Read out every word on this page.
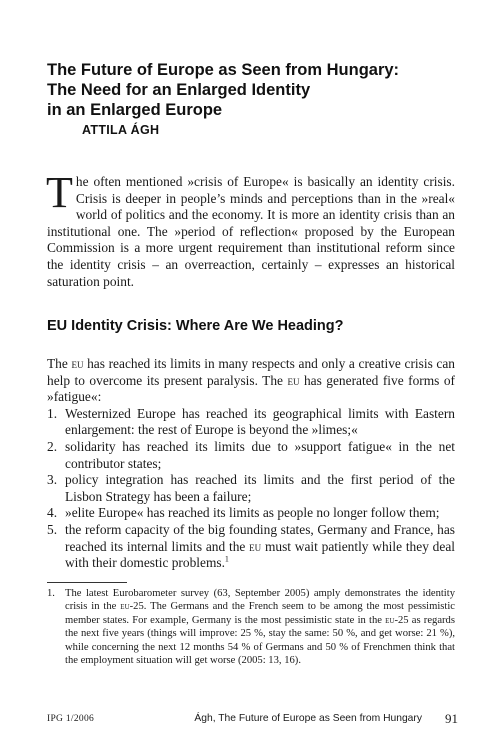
The Future of Europe as Seen from Hungary:
The Need for an Enlarged Identity
in an Enlarged Europe
ATTILA ÁGH
The often mentioned »crisis of Europe« is basically an identity crisis. Crisis is deeper in people’s minds and perceptions than in the »real« world of politics and the economy. It is more an identity crisis than an institutional one. The »period of reflection« proposed by the European Commission is a more urgent requirement than institutional reform since the identity crisis – an overreaction, certainly – expresses an historical saturation point.
EU Identity Crisis: Where Are We Heading?

The eu has reached its limits in many respects and only a creative crisis can help to overcome its present paralysis. The eu has generated five forms of »fatigue«:

1. Westernized Europe has reached its geographical limits with Eastern enlargement: the rest of Europe is beyond the »limes;«
2. solidarity has reached its limits due to »support fatigue« in the net contributor states;
3. policy integration has reached its limits and the first period of the Lisbon Strategy has been a failure;
4. »elite Europe« has reached its limits as people no longer follow them;
5. the reform capacity of the big founding states, Germany and France, has reached its internal limits and the eu must wait patiently while they deal with their domestic problems.$^1$
1. The latest Eurobarometer survey (63, September 2005) amply demonstrates the identity crisis in the eu-25. The Germans and the French seem to be among the most pessimistic member states. For example, Germany is the most pessimistic state in the eu-25 as regards the next five years (things will improve: 25 %, stay the same: 50 %, and get worse: 21 %), while concerning the next 12 months 54 % of Germans and 50 % of Frenchmen think that the employment situation will get worse (2005: 13, 16).
IPG 1/2006	Ágh, The Future of Europe as Seen from Hungary 91
